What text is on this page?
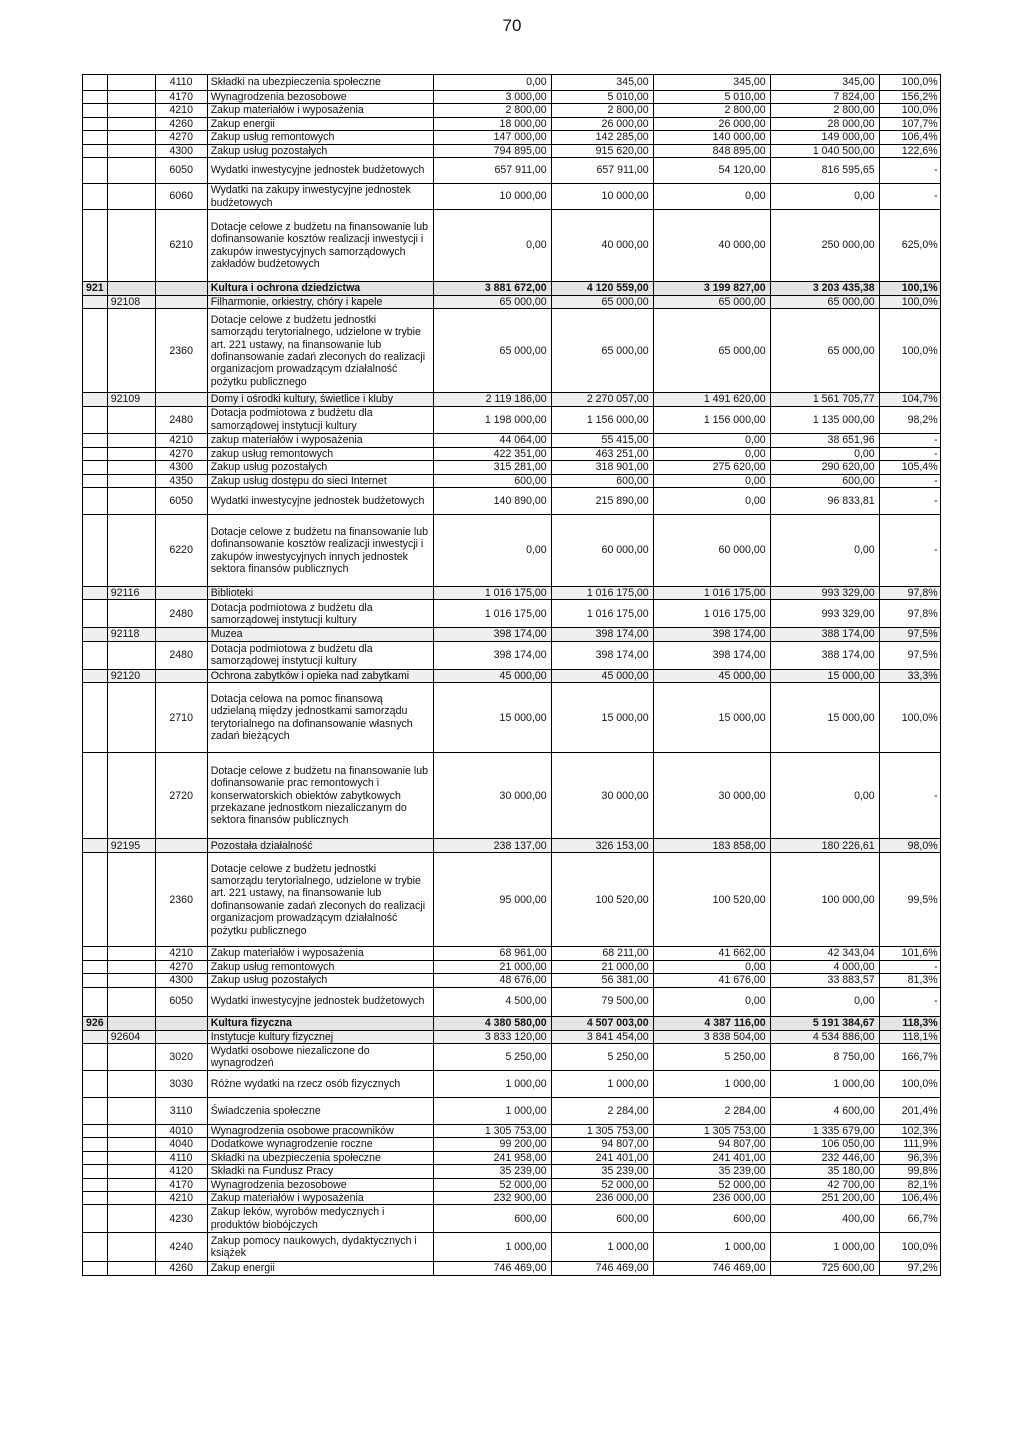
70
		4110	Składki na ubezpieczenia społeczne	0,00	345,00	345,00	345,00	100,0%
		4170	Wynagrodzenia bezosobowe	3 000,00	5 010,00	5 010,00	7 824,00	156,2%
		4210	Zakup materiałów i wyposażenia	2 800,00	2 800,00	2 800,00	2 800,00	100,0%
		4260	Zakup energii	18 000,00	26 000,00	26 000,00	28 000,00	107,7%
		4270	Zakup usług remontowych	147 000,00	142 285,00	140 000,00	149 000,00	106,4%
		4300	Zakup usług pozostałych	794 895,00	915 620,00	848 895,00	1 040 500,00	122,6%
		6050	Wydatki inwestycyjne jednostek budżetowych	657 911,00	657 911,00	54 120,00	816 595,65	-
		6060	Wydatki na zakupy inwestycyjne jednostek budżetowych	10 000,00	10 000,00	0,00	0,00	-
		6210	Dotacje celowe z budżetu na finansowanie lub dofinansowanie kosztów realizacji inwestycji i zakupów inwestycyjnych samorządowych zakładów budżetowych	0,00	40 000,00	40 000,00	250 000,00	625,0%
921			Kultura i ochrona dziedzictwa	3 881 672,00	4 120 559,00	3 199 827,00	3 203 435,38	100,1%
	92108		Filharmonie, orkiestry, chóry i kapele	65 000,00	65 000,00	65 000,00	65 000,00	100,0%
		2360	Dotacje celowe z budżetu jednostki samorządu terytorialnego, udzielone w trybie art. 221 ustawy, na finansowanie lub dofinansowanie zadań zleconych do realizacji organizacjom prowadzącym działalność pożytku publicznego	65 000,00	65 000,00	65 000,00	65 000,00	100,0%
	92109		Domy i ośrodki kultury, świetlice i kluby	2 119 186,00	2 270 057,00	1 491 620,00	1 561 705,77	104,7%
		2480	Dotacja podmiotowa z budżetu dla samorządowej instytucji kultury	1 198 000,00	1 156 000,00	1 156 000,00	1 135 000,00	98,2%
		4210	zakup materiałów i wyposażenia	44 064,00	55 415,00	0,00	38 651,96	-
		4270	zakup usług remontowych	422 351,00	463 251,00	0,00	0,00	-
		4300	Zakup usług pozostałych	315 281,00	318 901,00	275 620,00	290 620,00	105,4%
		4350	Zakup usług dostępu do sieci Internet	600,00	600,00	0,00	600,00	-
		6050	Wydatki inwestycyjne jednostek budżetowych	140 890,00	215 890,00	0,00	96 833,81	-
		6220	Dotacje celowe z budżetu na finansowanie lub dofinansowanie kosztów realizacji inwestycji i zakupów inwestycyjnych innych jednostek sektora finansów publicznych	0,00	60 000,00	60 000,00	0,00	-
	92116		Biblioteki	1 016 175,00	1 016 175,00	1 016 175,00	993 329,00	97,8%
		2480	Dotacja podmiotowa z budżetu dla samorządowej instytucji kultury	1 016 175,00	1 016 175,00	1 016 175,00	993 329,00	97,8%
	92118		Muzea	398 174,00	398 174,00	398 174,00	388 174,00	97,5%
		2480	Dotacja podmiotowa z budżetu dla samorządowej instytucji kultury	398 174,00	398 174,00	398 174,00	388 174,00	97,5%
	92120		Ochrona zabytków i opieka nad zabytkami	45 000,00	45 000,00	45 000,00	15 000,00	33,3%
		2710	Dotacja celowa na pomoc finansową udzielaną między jednostkami samorządu terytorialnego na dofinansowanie własnych zadań bieżących	15 000,00	15 000,00	15 000,00	15 000,00	100,0%
		2720	Dotacje celowe z budżetu na finansowanie lub dofinansowanie prac remontowych i konserwatorskich obiektów zabytkowych przekazane jednostkom niezaliczanym do sektora finansów publicznych	30 000,00	30 000,00	30 000,00	0,00	-
	92195		Pozostała działalność	238 137,00	326 153,00	183 858,00	180 226,61	98,0%
		2360	Dotacje celowe z budżetu jednostki samorządu terytorialnego, udzielone w trybie art. 221 ustawy, na finansowanie lub dofinansowanie zadań zleconych do realizacji organizacjom prowadzącym działalność pożytku publicznego	95 000,00	100 520,00	100 520,00	100 000,00	99,5%
		4210	Zakup materiałów i wyposażenia	68 961,00	68 211,00	41 662,00	42 343,04	101,6%
		4270	Zakup usług remontowych	21 000,00	21 000,00	0,00	4 000,00	-
		4300	Zakup usług pozostałych	48 676,00	56 381,00	41 676,00	33 883,57	81,3%
		6050	Wydatki inwestycyjne jednostek budżetowych	4 500,00	79 500,00	0,00	0,00	-
926			Kultura fizyczna	4 380 580,00	4 507 003,00	4 387 116,00	5 191 384,67	118,3%
	92604		Instytucje kultury fizycznej	3 833 120,00	3 841 454,00	3 838 504,00	4 534 886,00	118,1%
		3020	Wydatki osobowe niezaliczone do wynagrodzeń	5 250,00	5 250,00	5 250,00	8 750,00	166,7%
		3030	Różne wydatki na rzecz osób fizycznych	1 000,00	1 000,00	1 000,00	1 000,00	100,0%
		3110	Świadczenia społeczne	1 000,00	2 284,00	2 284,00	4 600,00	201,4%
		4010	Wynagrodzenia osobowe pracowników	1 305 753,00	1 305 753,00	1 305 753,00	1 335 679,00	102,3%
		4040	Dodatkowe wynagrodzenie roczne	99 200,00	94 807,00	94 807,00	106 050,00	111,9%
		4110	Składki na ubezpieczenia społeczne	241 958,00	241 401,00	241 401,00	232 446,00	96,3%
		4120	Składki na Fundusz Pracy	35 239,00	35 239,00	35 239,00	35 180,00	99,8%
		4170	Wynagrodzenia bezosobowe	52 000,00	52 000,00	52 000,00	42 700,00	82,1%
		4210	Zakup materiałów i wyposażenia	232 900,00	236 000,00	236 000,00	251 200,00	106,4%
		4230	Zakup leków, wyrobów medycznych i produktów biobójczych	600,00	600,00	600,00	400,00	66,7%
		4240	Zakup pomocy naukowych, dydaktycznych i książek	1 000,00	1 000,00	1 000,00	1 000,00	100,0%
		4260	Zakup energii	746 469,00	746 469,00	746 469,00	725 600,00	97,2%
